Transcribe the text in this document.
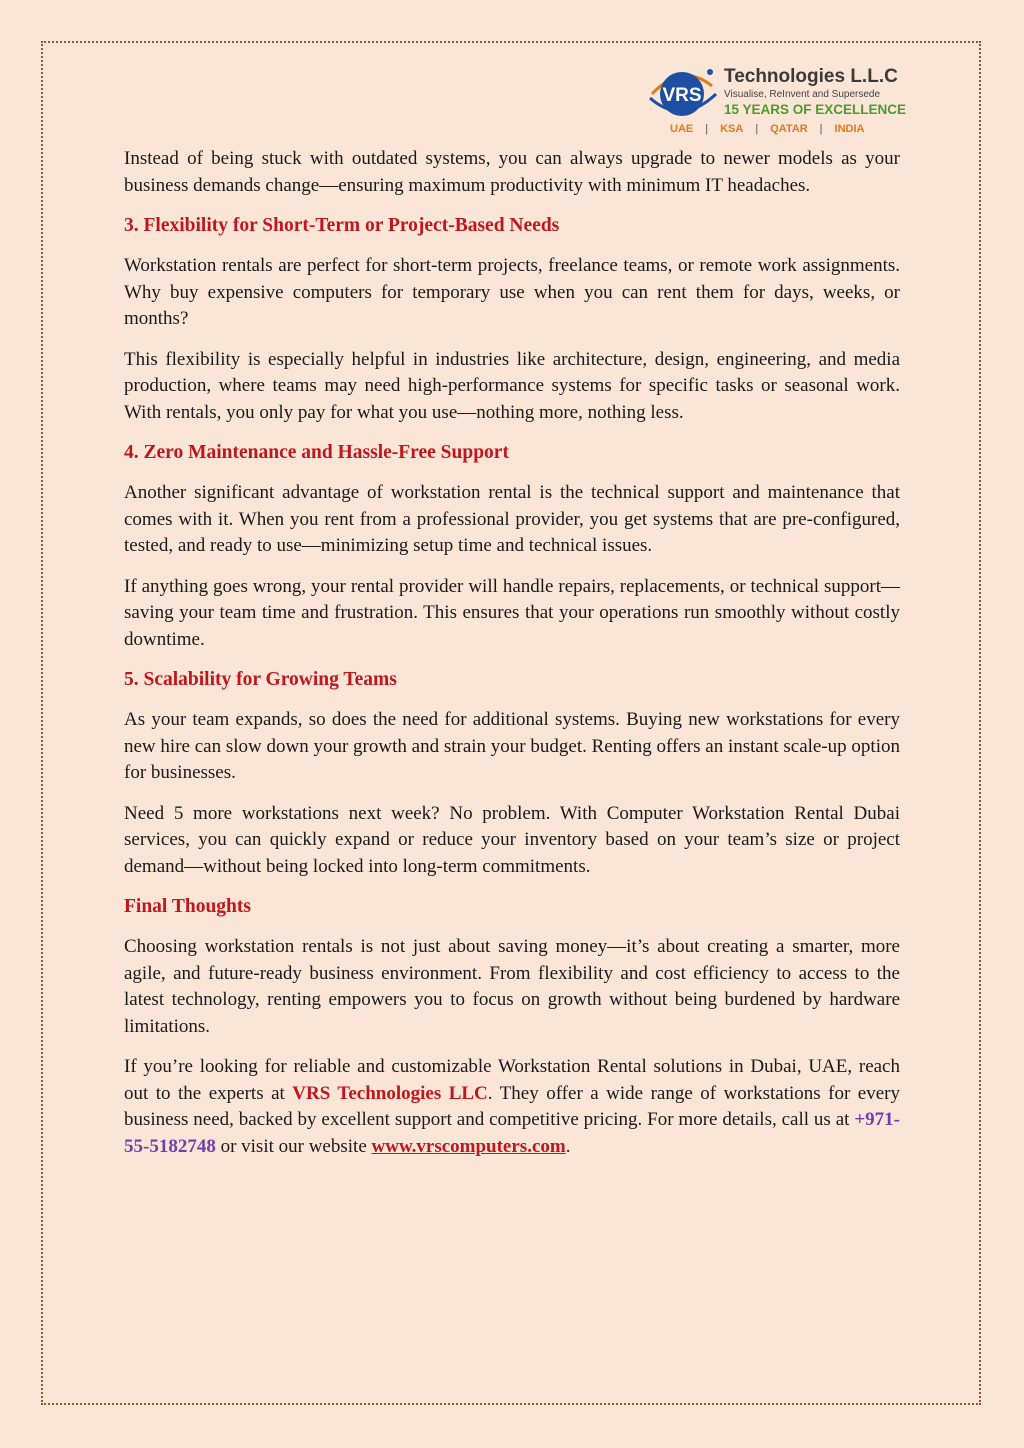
VRS
Technologies L.L.C
Visualise, ReInvent and Supersede
15 YEARS OF EXCELLENCE
UAE	|	KSA	|	QATAR	|	INDIA

Instead of being stuck with outdated systems, you can always upgrade to newer models as your business demands change—ensuring maximum productivity with minimum IT headaches.

3. Flexibility for Short-Term or Project-Based Needs

Workstation rentals are perfect for short-term projects, freelance teams, or remote work assignments. Why buy expensive computers for temporary use when you can rent them for days, weeks, or months?

This flexibility is especially helpful in industries like architecture, design, engineering, and media production, where teams may need high-performance systems for specific tasks or seasonal work. With rentals, you only pay for what you use—nothing more, nothing less.

4. Zero Maintenance and Hassle-Free Support

Another significant advantage of workstation rental is the technical support and maintenance that comes with it. When you rent from a professional provider, you get systems that are pre-configured, tested, and ready to use—minimizing setup time and technical issues.

If anything goes wrong, your rental provider will handle repairs, replacements, or technical support—saving your team time and frustration. This ensures that your operations run smoothly without costly downtime.

5. Scalability for Growing Teams

As your team expands, so does the need for additional systems. Buying new workstations for every new hire can slow down your growth and strain your budget. Renting offers an instant scale-up option for businesses.

Need 5 more workstations next week? No problem. With Computer Workstation Rental Dubai services, you can quickly expand or reduce your inventory based on your team’s size or project demand—without being locked into long-term commitments.

Final Thoughts

Choosing workstation rentals is not just about saving money—it’s about creating a smarter, more agile, and future-ready business environment. From flexibility and cost efficiency to access to the latest technology, renting empowers you to focus on growth without being burdened by hardware limitations.

If you’re looking for reliable and customizable Workstation Rental solutions in Dubai, UAE, reach out to the experts at VRS Technologies LLC. They offer a wide range of workstations for every business need, backed by excellent support and competitive pricing. For more details, call us at +971-55-5182748 or visit our website www.vrscomputers.com.
